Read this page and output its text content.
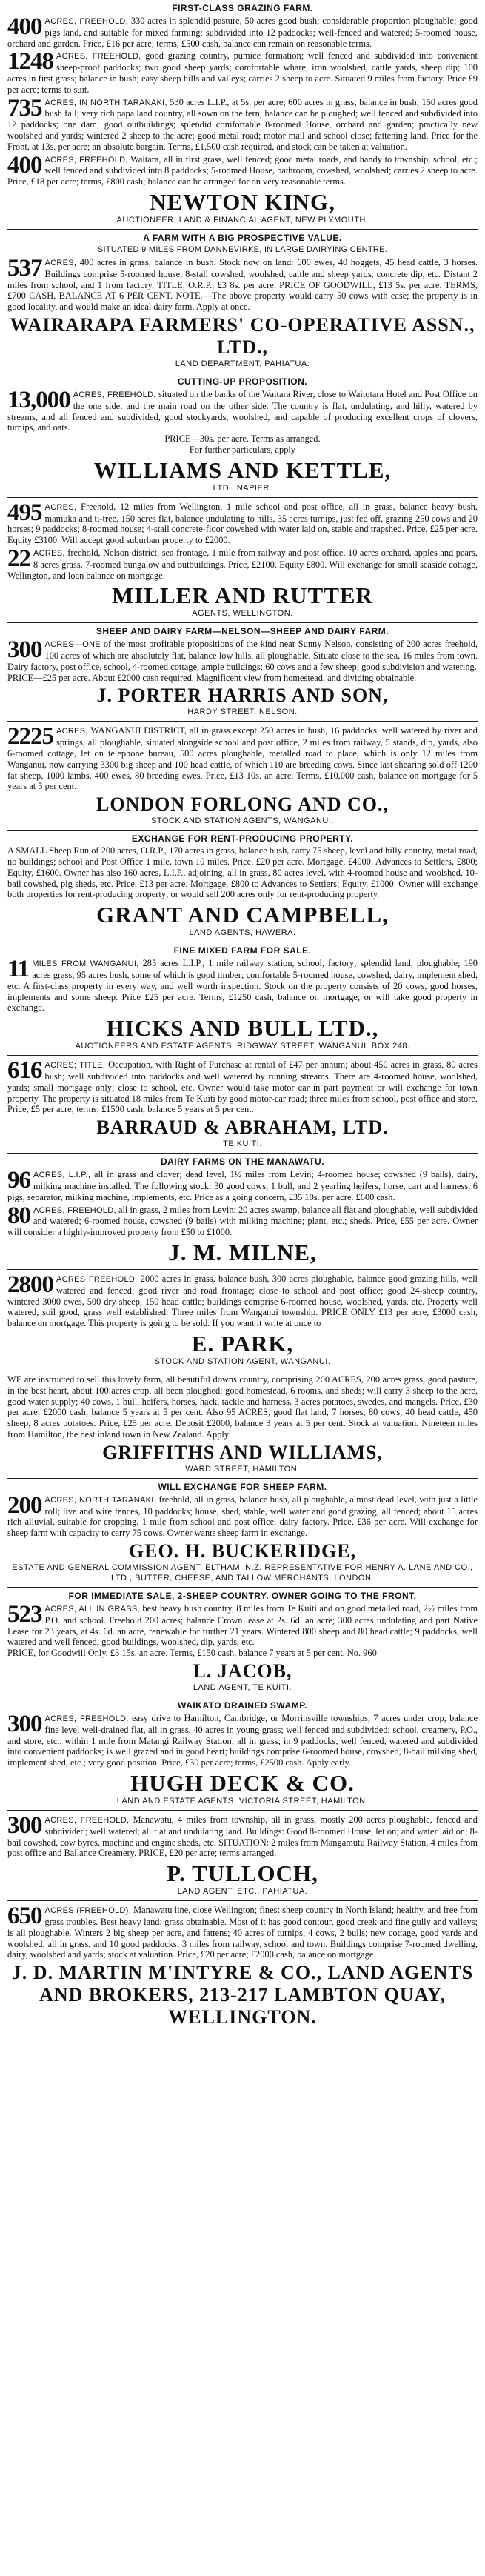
FIRST-CLASS GRAZING FARM.
400 ACRES, FREEHOLD, 330 acres in splendid pasture, 50 acres good bush; considerable proportion ploughable; good pigs land, and suitable for mixed farming; subdivided into 12 paddocks; well-fenced and watered; 5-roomed house, orchard and garden. Price, £16 per acre; terms, £500 cash, balance can remain on reasonable terms.

1248 ACRES, FREEHOLD, good grazing country, pumice formation; well fenced and subdivided into convenient sheep-proof paddocks; two good sheep yards; comfortable whare, iron woolshed, cattle yards, sheep dip; 100 acres in first grass; balance in bush; easy sheep hills and valleys; carries 2 sheep to acre. Situated 9 miles from factory. Price £9 per acre; terms to suit.

735 ACRES, IN NORTH TARANAKI, 530 acres L.I.P., at 5s. per acre; 600 acres in grass; balance in bush; 150 acres good bush fall; very rich papa land country, all sown on the fern; balance can be ploughed; well fenced and subdivided into 12 paddocks; one dam; good outbuildings; splendid comfortable 8-roomed House, orchard and garden; practically new woolshed and yards; wintered 2 sheep to the acre; good metal road; motor mail and school close; fattening land. Price for the Front, at 13s. per acre; an absolute bargain. Terms, £1,500 cash required, and stock can be taken at valuation.

400 ACRES, FREEHOLD, Waitara, all in first grass, well fenced; good metal roads, and handy to township, school, etc.; well fenced and subdivided into 8 paddocks; 5-roomed House, bathroom, cowshed, woolshed; carries 2 sheep to acre. Price, £18 per acre; terms, £800 cash; balance can be arranged for on very reasonable terms.

NEWTON KING,
AUCTIONEER, LAND & FINANCIAL AGENT, NEW PLYMOUTH.
A FARM WITH A BIG PROSPECTIVE VALUE.
SITUATED 9 MILES FROM DANNEVIRKE, IN LARGE DAIRYING CENTRE.
537 ACRES, 400 acres in grass, balance in bush. Stock now on land: 600 ewes, 40 hoggets, 45 head cattle, 3 horses. Buildings comprise 5-roomed house, 8-stall cowshed, woolshed, cattle and sheep yards, concrete dip, etc. Distant 2 miles from school, and 1 from factory. TITLE, O.R.P., £3 8s. per acre. PRICE OF GOODWILL, £13 5s. per acre. TERMS, £700 CASH, BALANCE AT 6 PER CENT. NOTE.—The above property would carry 50 cows with ease; the property is in good locality, and would make an ideal dairy farm. Apply at once.

WAIRARAPA FARMERS' CO-OPERATIVE ASSN., LTD.,
LAND DEPARTMENT, PAHIATUA.
CUTTING-UP PROPOSITION.
13,000 ACRES, FREEHOLD, situated on the banks of the Waitara River, close to Waitotara Hotel and Post Office on the one side, and the main road on the other side. The country is flat, undulating, and hilly, watered by streams, and all fenced and subdivided, good stockyards, woolshed, and capable of producing excellent crops of clovers, turnips, and oats.

PRICE—30s. per acre. Terms as arranged.

For further particulars, apply

WILLIAMS AND KETTLE,
LTD., NAPIER.
495 ACRES, Freehold, 12 miles from Wellington, 1 mile school and post office, all in grass, balance heavy bush, mamuka and ti-tree, 150 acres flat, balance undulating to hills, 35 acres turnips, just fed off, grazing 250 cows and 20 horses; 9 paddocks; 8-roomed house; 4-stall concrete-floor cowshed with water laid on, stable and trapshed. Price, £25 per acre. Equity £3100. Will accept good suburban property to £2000.

22 ACRES, freehold, Nelson district, sea frontage, 1 mile from railway and post office, 10 acres orchard, apples and pears, 8 acres grass, 7-roomed bungalow and outbuildings. Price, £2100. Equity £800. Will exchange for small seaside cottage, Wellington, and loan balance on mortgage.

MILLER AND RUTTER
AGENTS, WELLINGTON.
SHEEP AND DAIRY FARM—NELSON—SHEEP AND DAIRY FARM.
300 ACRES—ONE of the most profitable propositions of the kind near Sunny Nelson, consisting of 200 acres freehold, 100 acres of which are absolutely flat, balance low hills, all ploughable. Situate close to the sea, 16 miles from town. Dairy factory, post office, school, 4-roomed cottage, ample buildings; 60 cows and a few sheep; good subdivision and watering.

PRICE—£25 per acre. About £2000 cash required. Magnificent view from homestead, and dividing obtainable.

J. PORTER HARRIS AND SON,
HARDY STREET, NELSON.
2225 ACRES, WANGANUI DISTRICT, all in grass except 250 acres in bush, 16 paddocks, well watered by river and springs, all ploughable, situated alongside school and post office, 2 miles from railway, 5 stands, dip, yards, also 6-roomed cottage, let on telephone bureau, 500 acres ploughable, metalled road to place, which is only 12 miles from Wanganui, now carrying 3300 big sheep and 100 head cattle, of which 110 are breeding cows. Since last shearing sold off 1200 fat sheep, 1000 lambs, 400 ewes, 80 breeding ewes. Price, £13 10s. an acre. Terms, £10,000 cash, balance on mortgage for 5 years at 5 per cent.

LONDON FORLONG AND CO.,
STOCK AND STATION AGENTS, WANGANUI.
EXCHANGE FOR RENT-PRODUCING PROPERTY.

A SMALL Sheep Run of 200 acres, O.R.P., 170 acres in grass, balance bush, carry 75 sheep, level and hilly country, metal road, no buildings; school and Post Office 1 mile, town 10 miles. Price, £20 per acre. Mortgage, £4000. Advances to Settlers, £800; Equity, £1600. Owner has also 160 acres, L.I.P., adjoining, all in grass, 80 acres level, with 4-roomed house and woolshed, 10-bail cowshed, pig sheds, etc. Price, £13 per acre. Mortgage, £800 to Advances to Settlers; Equity, £1000. Owner will exchange both properties for rent-producing property; or would sell 200 acres only for rent-producing property.

GRANT AND CAMPBELL,
LAND AGENTS, HAWERA.
FINE MIXED FARM FOR SALE.
11 MILES FROM WANGANUI; 285 acres L.I.P., 1 mile railway station, school, factory; splendid land, ploughable; 190 acres grass, 95 acres bush, some of which is good timber; comfortable 5-roomed house, cowshed, dairy, implement shed, etc. A first-class property in every way, and well worth inspection. Stock on the property consists of 20 cows, good horses, implements and some sheep. Price £25 per acre. Terms, £1250 cash, balance on mortgage; or will take good property in exchange.

HICKS AND BULL LTD.,
AUCTIONEERS AND ESTATE AGENTS, RIDGWAY STREET, WANGANUI. BOX 248.
616 ACRES; TITLE, Occupation, with Right of Purchase at rental of £47 per annum; about 450 acres in grass, 80 acres bush; well subdivided into paddocks and well watered by running streams. There are 4-roomed house, woolshed, yards; small mortgage only; close to school, etc. Owner would take motor car in part payment or will exchange for town property. The property is situated 18 miles from Te Kuiti by good motor-car road; three miles from school, post office and store. Price, £5 per acre; terms, £1500 cash, balance 5 years at 5 per cent.

BARRAUD & ABRAHAM, LTD.
TE KUITI.
DAIRY FARMS ON THE MANAWATU.
96 ACRES, L.I.P., all in grass and clover; dead level, 1½ miles from Levin; 4-roomed house; cowshed (9 bails), dairy, milking machine installed. The following stock: 30 good cows, 1 bull, and 2 yearling heifers, horse, cart and harness, 6 pigs, separator, milking machine, implements, etc. Price as a going concern, £35 10s. per acre. £600 cash.

80 ACRES, FREEHOLD, all in grass, 2 miles from Levin; 20 acres swamp, balance all flat and ploughable, well subdivided and watered; 6-roomed house, cowshed (9 bails) with milking machine; plant, etc.; sheds. Price, £55 per acre. Owner will consider a highly-improved property from £50 to £1000.

J. M. MILNE,
2800 ACRES FREEHOLD, 2000 acres in grass, balance bush, 300 acres ploughable, balance good grazing hills, well watered and fenced; good river and road frontage; close to school and post office; good 24-sheep country, wintered 3000 ewes, 500 dry sheep, 150 head cattle; buildings comprise 6-roomed house, woolshed, yards, etc. Property well watered, soil good, grass well established. Three miles from Wanganui township. PRICE ONLY £13 per acre, £3000 cash, balance on mortgage. This property is going to be sold. If you want it write at once to

E. PARK,
STOCK AND STATION AGENT, WANGANUI.

WE are instructed to sell this lovely farm, all beautiful downs country, comprising 200 ACRES, 200 acres grass, good pasture, in the best heart, about 100 acres crop, all been ploughed; good homestead, 6 rooms, and sheds; will carry 3 sheep to the acre, good water supply; 40 cows, 1 bull, heifers, horses, hack, tackle and harness, 3 acres potatoes, swedes, and mangels. Price, £30 per acre; £2000 cash, balance 5 years at 5 per cent. Also 95 ACRES, good flat land, 7 horses, 80 cows, 40 head cattle, 450 sheep, 8 acres potatoes. Price, £25 per acre. Deposit £2000, balance 3 years at 5 per cent. Stock at valuation. Nineteen miles from Hamilton, the best inland town in New Zealand. Apply

GRIFFITHS AND WILLIAMS,
WARD STREET, HAMILTON.
WILL EXCHANGE FOR SHEEP FARM.
200 ACRES, NORTH TARANAKI, freehold, all in grass, balance bush, all ploughable, almost dead level, with just a little roll; live and wire fences, 10 paddocks; house, shed, stable, well water and good grazing, all fenced; about 15 acres rich alluvial, suitable for cropping, 1 mile from school and post office, dairy factory. Price, £36 per acre. Will exchange for sheep farm with capacity to carry 75 cows. Owner wants sheep farm in exchange.

GEO. H. BUCKERIDGE,
ESTATE AND GENERAL COMMISSION AGENT, ELTHAM. N.Z. REPRESENTATIVE FOR HENRY A. LANE AND CO., LTD., BUTTER, CHEESE, AND TALLOW MERCHANTS, LONDON.
FOR IMMEDIATE SALE, 2-SHEEP COUNTRY. OWNER GOING TO THE FRONT.
523 ACRES, ALL IN GRASS, best heavy bush country, 8 miles from Te Kuiti and on good metalled road, 2½ miles from P.O. and school. Freehold 200 acres; balance Crown lease at 2s. 6d. an acre; 300 acres undulating and part Native Lease for 23 years, at 4s. 6d. an acre, renewable for further 21 years. Wintered 800 sheep and 80 head cattle; 9 paddocks, well watered and well fenced; good buildings, woolshed, dip, yards, etc.

PRICE, for Goodwill Only, £3 15s. an acre. Terms, £150 cash, balance 7 years at 5 per cent. No. 960

L. JACOB,
LAND AGENT, TE KUITI.
WAIKATO DRAINED SWAMP.
300 ACRES, FREEHOLD, easy drive to Hamilton, Cambridge, or Morrinsville townships, 7 acres under crop, balance fine level well-drained flat, all in grass, 40 acres in young grass; well fenced and subdivided; school, creamery, P.O., and store, etc., within 1 mile from Matangi Railway Station; all in grass; in 9 paddocks, well fenced, watered and subdivided into convenient paddocks; is well grazed and in good heart; buildings comprise 6-roomed house, cowshed, 8-bail milking shed, implement shed, etc.; very good position. Price, £30 per acre; terms, £2500 cash. Apply early.

HUGH DECK & CO.
LAND AND ESTATE AGENTS, VICTORIA STREET, HAMILTON.
300 ACRES, FREEHOLD, Manawatu, 4 miles from township, all in grass, mostly 200 acres ploughable, fenced and subdivided; well watered; all flat and undulating land. Buildings: Good 8-roomed House, let on; and water laid on; 8-bail cowshed, cow byres, machine and engine sheds, etc. SITUATION: 2 miles from Mangamutu Railway Station, 4 miles from post office and Ballance Creamery. PRICE, £20 per acre; terms arranged.

P. TULLOCH,
LAND AGENT, ETC., PAHIATUA.
650 ACRES (FREEHOLD), Manawatu line, close Wellington; finest sheep country in North Island; healthy, and free from grass troubles. Best heavy land; grass obtainable. Most of it has good contour, good creek and fine gully and valleys; is all ploughable. Winters 2 big sheep per acre, and fattens; 40 acres of turnips; 4 cows, 2 bulls; new cottage, good yards and woolshed; all in grass, and 10 good paddocks; 3 miles from railway, school and town. Buildings comprise 7-roomed dwelling, dairy, woolshed and yards; stock at valuation. Price, £20 per acre; £2000 cash, balance on mortgage.

J. D. MARTIN M'INTYRE & CO., LAND AGENTS AND BROKERS, 213-217 LAMBTON QUAY, WELLINGTON.
